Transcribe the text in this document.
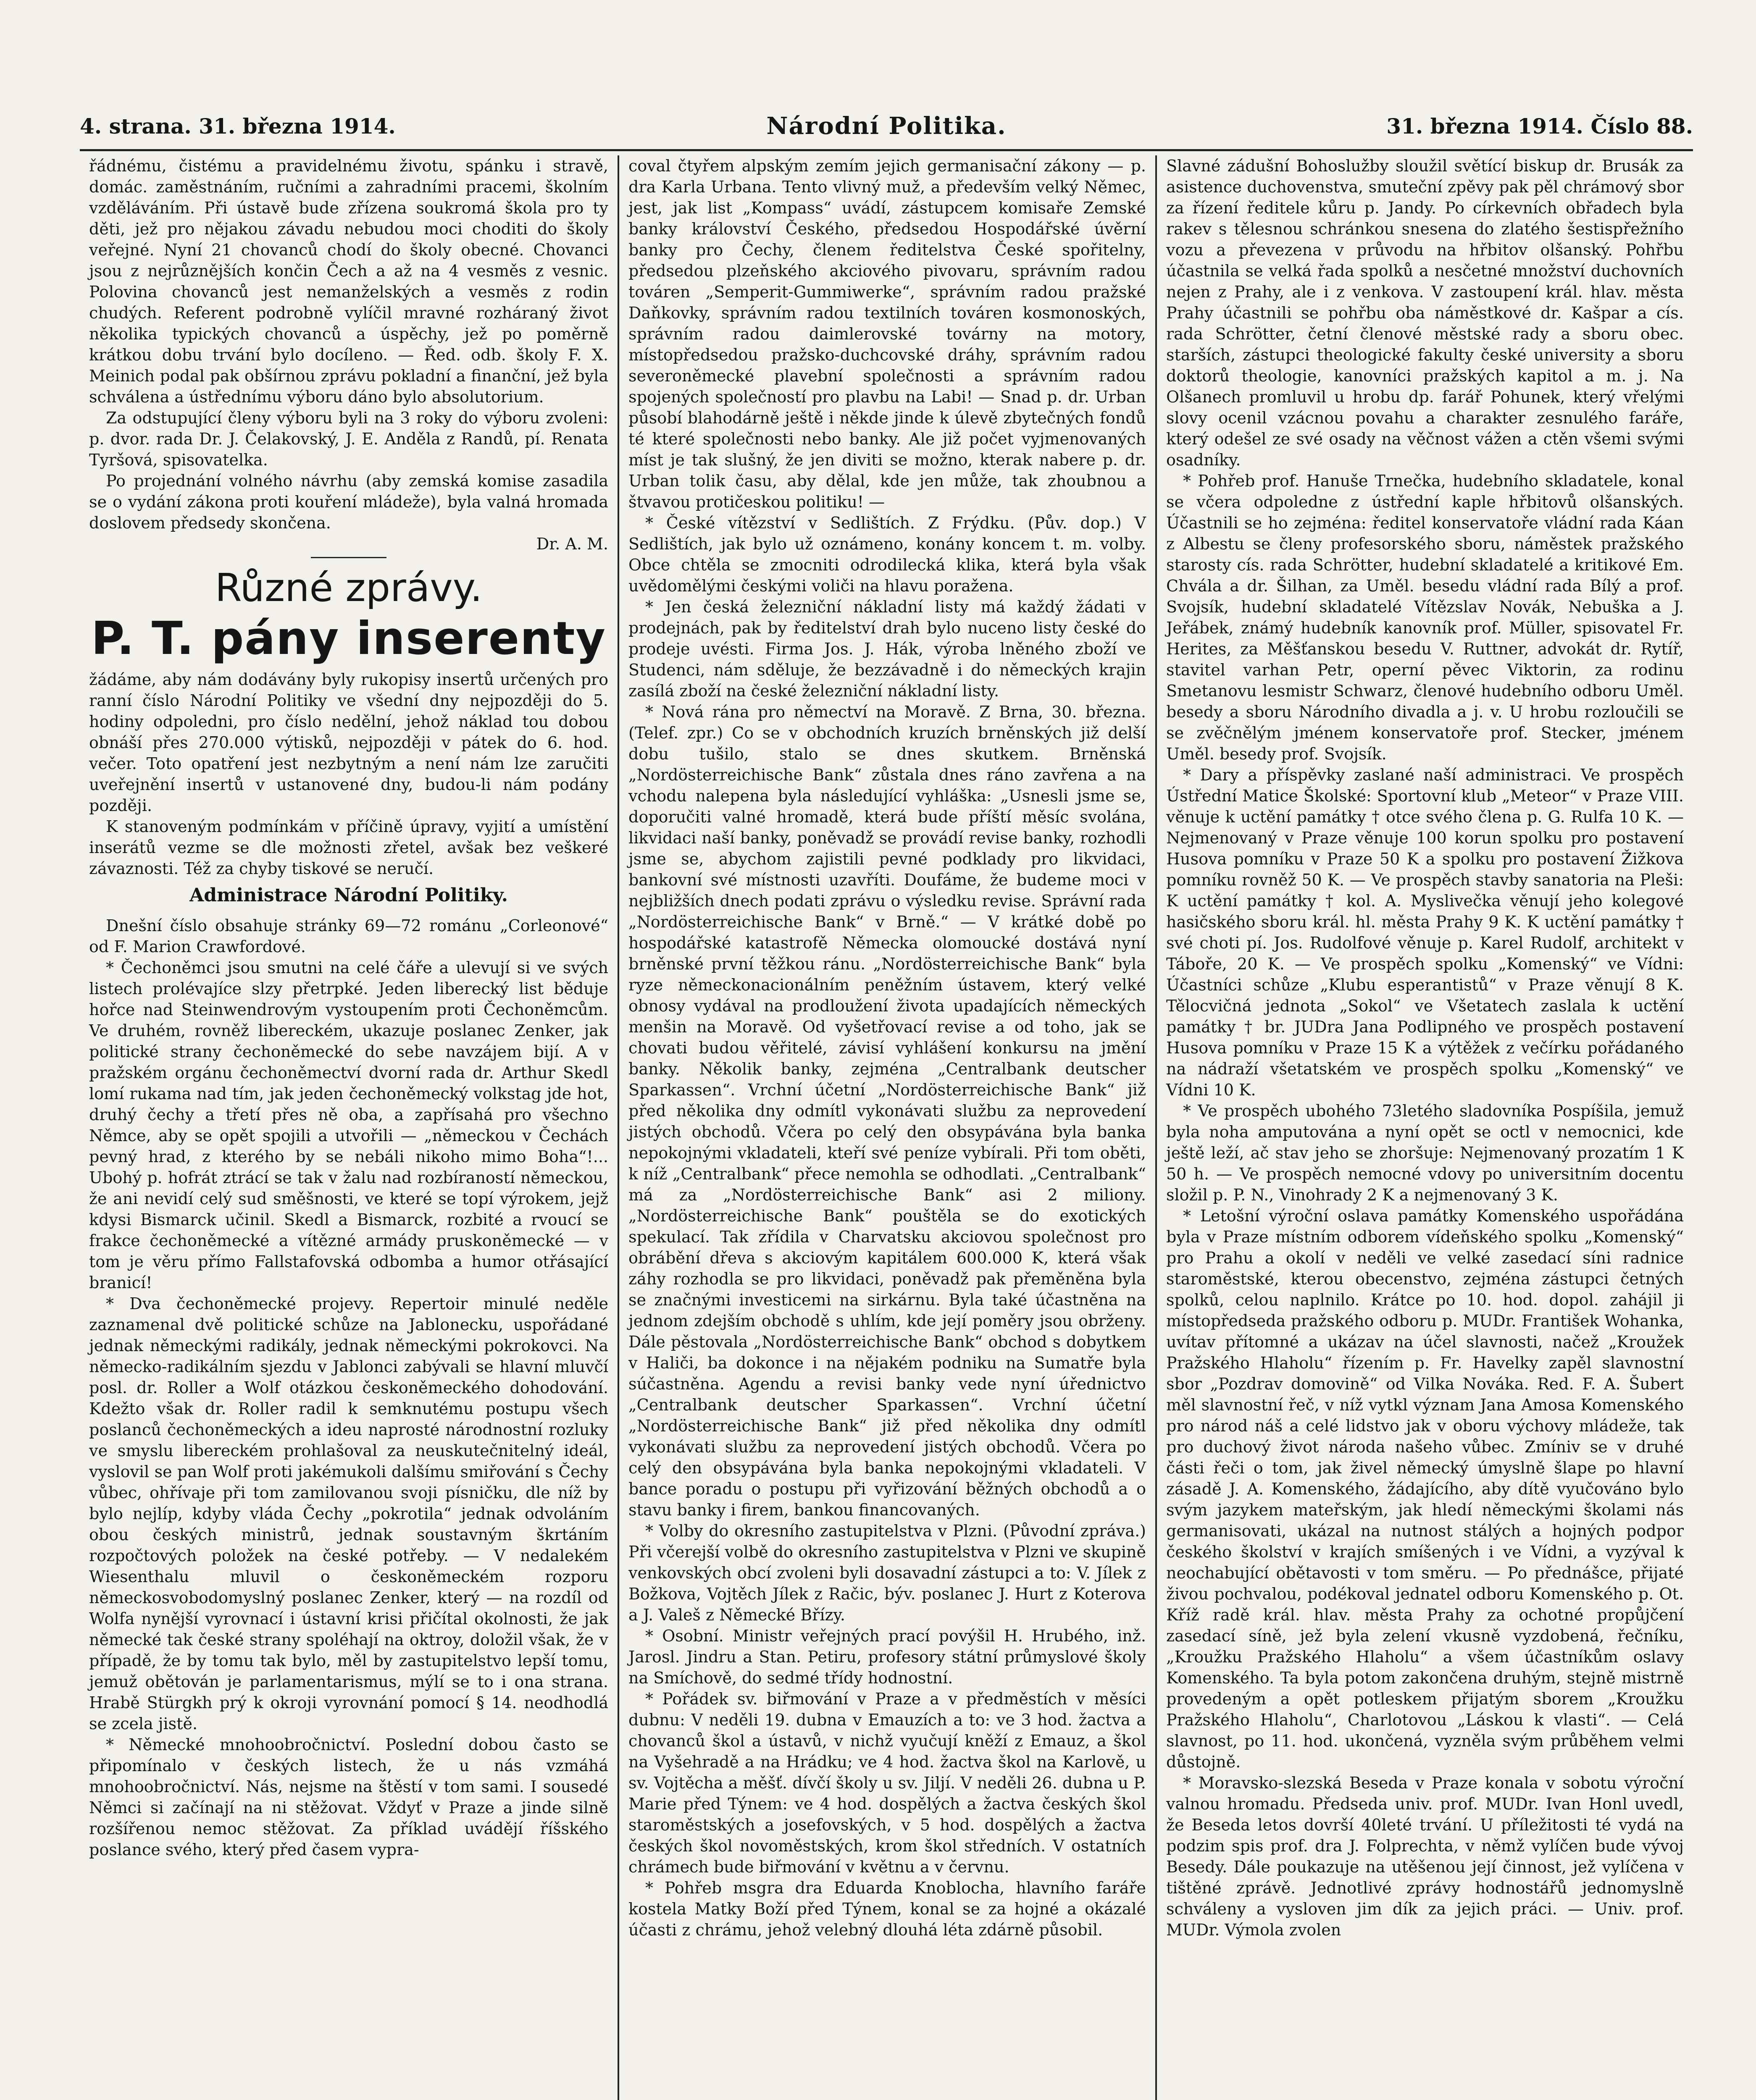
4. strana. 31. března 1914.	Národní Politika.	31. března 1914. Číslo 88.

řádnému, čistému a pravidelnému životu, spánku i stravě, domác. zaměstnáním, ručními a zahradními pracemi, školním vzděláváním. Při ústavě bude zřízena soukromá škola pro ty děti, jež pro nějakou závadu nebudou moci choditi do školy veřejné. Nyní 21 chovanců chodí do školy obecné. Chovanci jsou z nejrůznějších končin Čech a až na 4 vesměs z vesnic. Polovina chovanců jest nemanželských a vesměs z rodin chudých. Referent podrobně vylíčil mravné rozháraný život několika typických chovanců a úspěchy, jež po poměrně krátkou dobu trvání bylo docíleno. — Řed. odb. školy F. X. Meinich podal pak obšírnou zprávu pokladní a finanční, jež byla schválena a ústřednímu výboru dáno bylo absolutorium.

Za odstupující členy výboru byli na 3 roky do výboru zvoleni: p. dvor. rada Dr. J. Čelakovský, J. E. Anděla z Randů, pí. Renata Tyršová, spisovatelka.

Po projednání volného návrhu (aby zemská komise zasadila se o vydání zákona proti kouření mládeže), byla valná hromada doslovem předsedy skončena.

Dr. A. M.

Různé zprávy.
P. T. pány inserenty

žádáme, aby nám dodávány byly rukopisy insertů určených pro ranní číslo Národní Politiky ve všední dny nejpozději do 5. hodiny odpoledni, pro číslo nedělní, jehož náklad tou dobou obnáší přes 270.000 výtisků, nejpozději v pátek do 6. hod. večer. Toto opatření jest nezbytným a není nám lze zaručiti uveřejnění insertů v ustanovené dny, budou-li nám podány později.

K stanoveným podmínkám v příčině úpravy, vyjití a umístění inserátů vezme se dle možnosti zřetel, avšak bez veškeré závaznosti. Též za chyby tiskové se neručí.

Administrace Národní Politiky.

Dnešní číslo obsahuje stránky 69—72 románu „Corleonové“ od F. Marion Crawfordové.

* Čechoněmci jsou smutni na celé čáře a ulevují si ve svých listech prolévajíce slzy přetrpké. Jeden liberecký list běduje hořce nad Steinwendrovým vystoupením proti Čechoněmcům. Ve druhém, rovněž libereckém, ukazuje poslanec Zenker, jak politické strany čechoněmecké do sebe navzájem bijí. A v pražském orgánu čechoněmectví dvorní rada dr. Arthur Skedl lomí rukama nad tím, jak jeden čechoněmecký volkstag jde hot, druhý čechy a třetí přes ně oba, a zapřísahá pro všechno Němce, aby se opět spojili a utvořili — „německou v Čechách pevný hrad, z kterého by se nebáli nikoho mimo Boha“!... Ubohý p. hofrát ztrácí se tak v žalu nad rozbíraností německou, že ani nevidí celý sud směšnosti, ve které se topí výrokem, jejž kdysi Bismarck učinil. Skedl a Bismarck, rozbité a rvoucí se frakce čechoněmecké a vítězné armády pruskoněmecké — v tom je věru přímo Fallstafovská odbomba a humor otřásající branicí!

* Dva čechoněmecké projevy. Repertoir minulé neděle zaznamenal dvě politické schůze na Jablonecku, uspořádané jednak německými radikály, jednak německými pokrokovci. Na německo-radikálním sjezdu v Jablonci zabývali se hlavní mluvčí posl. dr. Roller a Wolf otázkou českoněmeckého dohodování. Kdežto však dr. Roller radil k semknutému postupu všech poslanců čechoněmeckých a ideu naprosté národnostní rozluky ve smyslu libereckém prohlašoval za neuskutečnitelný ideál, vyslovil se pan Wolf proti jakémukoli dalšímu smiřování s Čechy vůbec, ohřívaje při tom zamilovanou svoji písničku, dle níž by bylo nejlíp, kdyby vláda Čechy „pokrotila“ jednak odvoláním obou českých ministrů, jednak soustavným škrtáním rozpočtových položek na české potřeby. — V nedalekém Wiesenthalu mluvil o českoněmeckém rozporu německosvobodomyslný poslanec Zenker, který — na rozdíl od Wolfa nynější vyrovnací i ústavní krisi přičítal okolnosti, že jak německé tak české strany spoléhají na oktroy, doložil však, že v případě, že by tomu tak bylo, měl by zastupitelstvo lepší tomu, jemuž obětován je parlamentarismus, mýlí se to i ona strana. Hrabě Stürgkh prý k okroji vyrovnání pomocí § 14. neodhodlá se zcela jistě.

* Německé mnohoobročnictví. Poslední dobou často se připomínalo v českých listech, že u nás vzmáhá mnohoobročnictví. Nás, nejsme na štěstí v tom sami. I sousedé Němci si začínají na ni stěžovat. Vždyť v Praze a jinde silně rozšířenou nemoc stěžovat. Za příklad uvádějí říšského poslance svého, který před časem vypra-

coval čtyřem alpským zemím jejich germanisační zákony — p. dra Karla Urbana. Tento vlivný muž, a především velký Němec, jest, jak list „Kompass“ uvádí, zástupcem komisaře Zemské banky království Českého, předsedou Hospodářské úvěrní banky pro Čechy, členem ředitelstva České spořitelny, předsedou plzeňského akciového pivovaru, správním radou továren „Semperit-Gummiwerke“, správním radou pražské Daňkovky, správním radou textilních továren kosmonoských, správním radou daimlerovské továrny na motory, místopředsedou pražsko-duchcovské dráhy, správním radou severoněmecké plavební společnosti a správním radou spojených společností pro plavbu na Labi! — Snad p. dr. Urban působí blahodárně ještě i někde jinde k úlevě zbytečných fondů té které společnosti nebo banky. Ale již počet vyjmenovaných míst je tak slušný, že jen diviti se možno, kterak nabere p. dr. Urban tolik času, aby dělal, kde jen může, tak zhoubnou a štvavou protičeskou politiku! —

* České vítězství v Sedlištích. Z Frýdku. (Pův. dop.) V Sedlištích, jak bylo už oznámeno, konány koncem t. m. volby. Obce chtěla se zmocniti odrodilecká klika, která byla však uvědomělými českými voliči na hlavu poražena.

* Jen česká železniční nákladní listy má každý žádati v prodejnách, pak by ředitelství drah bylo nuceno listy české do prodeje uvésti. Firma Jos. J. Hák, výroba lněného zboží ve Studenci, nám sděluje, že bezzávadně i do německých krajin zasílá zboží na české železniční nákladní listy.

* Nová rána pro němectví na Moravě. Z Brna, 30. března. (Telef. zpr.) Co se v obchodních kruzích brněnských již delší dobu tušilo, stalo se dnes skutkem. Brněnská „Nordösterreichische Bank“ zůstala dnes ráno zavřena a na vchodu nalepena byla následující vyhláška: „Usnesli jsme se, doporučiti valné hromadě, která bude příští měsíc svolána, likvidaci naší banky, poněvadž se provádí revise banky, rozhodli jsme se, abychom zajistili pevné podklady pro likvidaci, bankovní své místnosti uzavříti. Doufáme, že budeme moci v nejbližších dnech podati zprávu o výsledku revise. Správní rada „Nordösterreichische Bank“ v Brně.“ — V krátké době po hospodářské katastrofě Německa olomoucké dostává nyní brněnské první těžkou ránu. „Nordösterreichische Bank“ byla ryze německonacionálním peněžním ústavem, který velké obnosy vydával na prodloužení života upadajících německých menšin na Moravě. Od vyšetřovací revise a od toho, jak se chovati budou věřitelé, závisí vyhlášení konkursu na jmění banky. Několik banky, zejména „Centralbank deutscher Sparkassen“. Vrchní účetní „Nordösterreichische Bank“ již před několika dny odmítl vykonávati službu za neprovedení jistých obchodů. Včera po celý den obsypávána byla banka nepokojnými vkladateli, kteří své peníze vybírali. Při tom oběti, k níž „Centralbank“ přece nemohla se odhodlati. „Centralbank“ má za „Nordösterreichische Bank“ asi 2 miliony. „Nordösterreichische Bank“ pouštěla se do exotických spekulací. Tak zřídila v Charvatsku akciovou společnost pro obrábění dřeva s akciovým kapitálem 600.000 K, která však záhy rozhodla se pro likvidaci, poněvadž pak přeměněna byla se značnými investicemi na sirkárnu. Byla také účastněna na jednom zdejším obchodě s uhlím, kde její poměry jsou obrženy. Dále pěstovala „Nordösterreichische Bank“ obchod s dobytkem v Haliči, ba dokonce i na nějakém podniku na Sumatře byla súčastněna. Agendu a revisi banky vede nyní úřednictvo „Centralbank deutscher Sparkassen“. Vrchní účetní „Nordösterreichische Bank“ již před několika dny odmítl vykonávati službu za neprovedení jistých obchodů. Včera po celý den obsypávána byla banka nepokojnými vkladateli. V bance poradu o postupu při vyřizování běžných obchodů a o stavu banky i firem, bankou financovaných.

* Volby do okresního zastupitelstva v Plzni. (Původní zpráva.) Při včerejší volbě do okresního zastupitelstva v Plzni ve skupině venkovských obcí zvoleni byli dosavadní zástupci a to: V. Jílek z Božkova, Vojtěch Jílek z Račic, býv. poslanec J. Hurt z Koterova a J. Valeš z Německé Břízy.

* Osobní. Ministr veřejných prací povýšil H. Hrubého, inž. Jarosl. Jindru a Stan. Petiru, profesory státní průmyslové školy na Smíchově, do sedmé třídy hodnostní.

* Pořádek sv. biřmování v Praze a v předměstích v měsíci dubnu: V neděli 19. dubna v Emauzích a to: ve 3 hod. žactva a chovanců škol a ústavů, v nichž vyučují kněží z Emauz, a škol na Vyšehradě a na Hrádku; ve 4 hod. žactva škol na Karlově, u sv. Vojtěcha a měšť. dívčí školy u sv. Jiljí. V neděli 26. dubna u P. Marie před Týnem: ve 4 hod. dospělých a žactva českých škol staroměstských a josefovských, v 5 hod. dospělých a žactva českých škol novoměstských, krom škol středních. V ostatních chrámech bude biřmování v květnu a v červnu.

* Pohřeb msgra dra Eduarda Knoblocha, hlavního faráře kostela Matky Boží před Týnem, konal se za hojné a okázalé účasti z chrámu, jehož velebný dlouhá léta zdárně působil.

Slavné zádušní Bohoslužby sloužil světící biskup dr. Brusák za asistence duchovenstva, smuteční zpěvy pak pěl chrámový sbor za řízení ředitele kůru p. Jandy. Po církevních obřadech byla rakev s tělesnou schránkou snesena do zlatého šestispřežního vozu a převezena v průvodu na hřbitov olšanský. Pohřbu účastnila se velká řada spolků a nesčetné množství duchovních nejen z Prahy, ale i z venkova. V zastoupení král. hlav. města Prahy účastnili se pohřbu oba náměstkové dr. Kašpar a cís. rada Schrötter, četní členové městské rady a sboru obec. starších, zástupci theologické fakulty české university a sboru doktorů theologie, kanovníci pražských kapitol a m. j. Na Olšanech promluvil u hrobu dp. farář Pohunek, který vřelými slovy ocenil vzácnou povahu a charakter zesnulého faráře, který odešel ze své osady na věčnost vážen a ctěn všemi svými osadníky.

* Pohřeb prof. Hanuše Trnečka, hudebního skladatele, konal se včera odpoledne z ústřední kaple hřbitovů olšanských. Účastnili se ho zejména: ředitel konservatoře vládní rada Káan z Albestu se členy profesorského sboru, náměstek pražského starosty cís. rada Schrötter, hudební skladatelé a kritikové Em. Chvála a dr. Šilhan, za Uměl. besedu vládní rada Bílý a prof. Svojsík, hudební skladatelé Vítězslav Novák, Nebuška a J. Jeřábek, známý hudebník kanovník prof. Müller, spisovatel Fr. Herites, za Měšťanskou besedu V. Ruttner, advokát dr. Rytíř, stavitel varhan Petr, operní pěvec Viktorin, za rodinu Smetanovu lesmistr Schwarz, členové hudebního odboru Uměl. besedy a sboru Národního divadla a j. v. U hrobu rozloučili se se zvěčnělým jménem konservatoře prof. Stecker, jménem Uměl. besedy prof. Svojsík.

* Dary a příspěvky zaslané naší administraci. Ve prospěch Ústřední Matice Školské: Sportovní klub „Meteor“ v Praze VIII. věnuje k uctění památky † otce svého člena p. G. Rulfa 10 K. — Nejmenovaný v Praze věnuje 100 korun spolku pro postavení Husova pomníku v Praze 50 K a spolku pro postavení Žižkova pomníku rovněž 50 K. — Ve prospěch stavby sanatoria na Pleši: K uctění památky † kol. A. Myslivečka věnují jeho kolegové hasičského sboru král. hl. města Prahy 9 K. K uctění památky † své choti pí. Jos. Rudolfové věnuje p. Karel Rudolf, architekt v Táboře, 20 K. — Ve prospěch spolku „Komenský“ ve Vídni: Účastníci schůze „Klubu esperantistů“ v Praze věnují 8 K. Tělocvičná jednota „Sokol“ ve Všetatech zaslala k uctění památky † br. JUDra Jana Podlipného ve prospěch postavení Husova pomníku v Praze 15 K a výtěžek z večírku pořádaného na nádraží všetatském ve prospěch spolku „Komenský“ ve Vídni 10 K.

* Ve prospěch ubohého 73letého sladovníka Pospíšila, jemuž byla noha amputována a nyní opět se octl v nemocnici, kde ještě leží, ač stav jeho se zhoršuje: Nejmenovaný prozatím 1 K 50 h. — Ve prospěch nemocné vdovy po universitním docentu složil p. P. N., Vinohrady 2 K a nejmenovaný 3 K.

* Letošní výroční oslava památky Komenského uspořádána byla v Praze místním odborem vídeňského spolku „Komenský“ pro Prahu a okolí v neděli ve velké zasedací síni radnice staroměstské, kterou obecenstvo, zejména zástupci četných spolků, celou naplnilo. Krátce po 10. hod. dopol. zahájil ji místopředseda pražského odboru p. MUDr. František Wohanka, uvítav přítomné a ukázav na účel slavnosti, načež „Kroužek Pražského Hlaholu“ řízením p. Fr. Havelky zapěl slavnostní sbor „Pozdrav domovině“ od Vilka Nováka. Red. F. A. Šubert měl slavnostní řeč, v níž vytkl význam Jana Amosa Komenského pro národ náš a celé lidstvo jak v oboru výchovy mládeže, tak pro duchový život národa našeho vůbec. Zmíniv se v druhé části řeči o tom, jak živel německý úmyslně šlape po hlavní zásadě J. A. Komenského, žádajícího, aby dítě vyučováno bylo svým jazykem mateřským, jak hledí německými školami nás germanisovati, ukázal na nutnost stálých a hojných podpor českého školství v krajích smíšených i ve Vídni, a vyzýval k neochabující obětavosti v tom směru. — Po přednášce, přijaté živou pochvalou, podékoval jednatel odboru Komenského p. Ot. Kříž radě král. hlav. města Prahy za ochotné propůjčení zasedací síně, jež byla zelení vkusně vyzdobená, řečníku, „Kroužku Pražského Hlaholu“ a všem účastníkům oslavy Komenského. Ta byla potom zakončena druhým, stejně mistrně provedeným a opět potleskem přijatým sborem „Kroužku Pražského Hlaholu“, Charlotovou „Láskou k vlasti“. — Celá slavnost, po 11. hod. ukončená, vyzněla svým průběhem velmi důstojně.

* Moravsko-slezská Beseda v Praze konala v sobotu výroční valnou hromadu. Předseda univ. prof. MUDr. Ivan Honl uvedl, že Beseda letos dovrší 40leté trvání. U příležitosti té vydá na podzim spis prof. dra J. Folprechta, v němž vylíčen bude vývoj Besedy. Dále poukazuje na utěšenou její činnost, jež vylíčena v tištěné zprávě. Jednotlivé zprávy hodnostářů jednomyslně schváleny a vysloven jim dík za jejich práci. — Univ. prof. MUDr. Výmola zvolen
